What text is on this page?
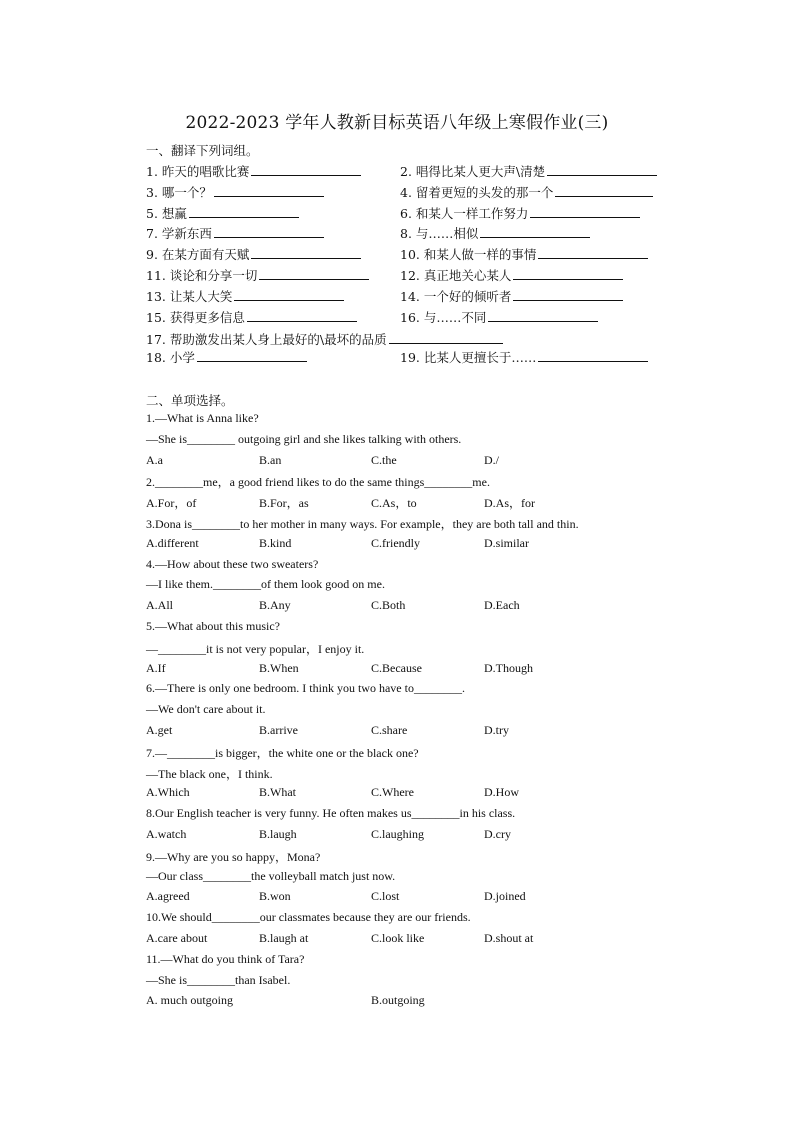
2022-2023 学年人教新目标英语八年级上寒假作业(三)
一、翻译下列词组。
1. 昨天的唱歌比赛	2. 唱得比某人更大声\清楚
3. 哪一个？	4. 留着更短的头发的那一个
5. 想赢	6. 和某人一样工作努力
7. 学新东西	8. 与……相似
9. 在某方面有天赋	10. 和某人做一样的事情
11. 谈论和分享一切	12. 真正地关心某人
13. 让某人大笑	14. 一个好的倾听者
15. 获得更多信息	16. 与……不同
17. 帮助激发出某人身上最好的\最坏的品质
18. 小学	19. 比某人更擅长于……
二、单项选择。
1.—What is Anna like?
—She is________ outgoing girl and she likes talking with others.
A.a	B.an	C.the	D./
2.________me，a good friend likes to do the same things________me.
A.For，of	B.For，as	C.As，to	D.As，for
3.Dona is________to her mother in many ways. For example，they are both tall and thin.
A.different	B.kind	C.friendly	D.similar
4.—How about these two sweaters?
—I like them.________of them look good on me.
A.All	B.Any	C.Both	D.Each
5.—What about this music?
—________it is not very popular，I enjoy it.
A.If	B.When	C.Because	D.Though
6.—There is only one bedroom. I think you two have to________.
—We don't care about it.
A.get	B.arrive	C.share	D.try
7.—________is bigger，the white one or the black one?
—The black one，I think.
A.Which	B.What	C.Where	D.How
8.Our English teacher is very funny. He often makes us________in his class.
A.watch	B.laugh	C.laughing	D.cry
9.—Why are you so happy，Mona?
—Our class________the volleyball match just now.
A.agreed	B.won	C.lost	D.joined
10.We should________our classmates because they are our friends.
A.care about	B.laugh at	C.look like	D.shout at
11.—What do you think of Tara?
—She is________than Isabel.
A. much outgoing	B.outgoing
